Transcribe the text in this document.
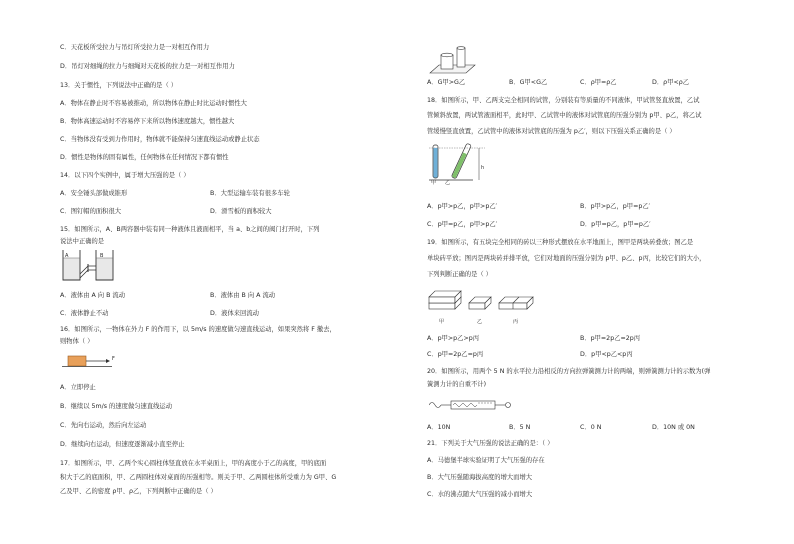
C．天花板所受拉力与吊灯所受拉力是一对相互作用力
D．吊灯对细绳的拉力与细绳对天花板的拉力是一对相互作用力
13．关于惯性，下列说法中正确的是（ ）
A．物体在静止时不容易被推动，所以物体在静止时比运动时惯性大
B．物体高速运动时不容易停下来所以物体速度越大，惯性越大
C．当物体没有受到力作用时，物体就不能保持匀速直线运动或静止状态
D．惯性是物体的固有属性，任何物体在任何情况下都有惯性
14．以下四个实例中，属于增大压强的是（ ）
A．安全锤头部做成锥形	B．大型运输车装有很多车轮
C．图钉帽的面积很大	D．滑雪板的面积较大
15．如图所示，A、B两容器中装有同一种液体且液面相平，当 a、b之间的阀门打开时，下列
说法中正确的是
A	B
A．液体由 A 向 B 流动	B．液体由 B 向 A 流动
C．液体静止不动	D．液体来回流动
16．如图所示，一物体在外力 F 的作用下，以 5m/s 的速度做匀速直线运动，如果突然将 F 撤去，
则物体（ ）
F
A．立即停止
B．继续以 5m/s 的速度做匀速直线运动
C．先向右运动，然后向左运动
D．继续向右运动，但速度逐渐减小直至停止
17．如图所示，甲、乙两个实心圆柱体竖直放在水平桌面上，甲的高度小于乙的高度，甲的底面
积大于乙的底面积，甲、乙两圆柱体对桌面的压强相等。则关于甲、乙两圆柱体所受重力为 G甲、G
乙及甲、乙的密度 ρ甲、ρ乙，下列判断中正确的是（ ）
A．G甲>G乙	B．G甲<G乙	C．ρ甲=ρ乙	D．ρ甲<ρ乙
18．如图所示，甲、乙两支完全相同的试管，分别装有等质量的不同液体，甲试管竖直放置，乙试
管倾斜放置，两试管液面相平，此时甲、乙试管中的液体对试管底的压强分别为 p甲、p乙，将乙试
管缓慢竖直放置，乙试管中的液体对试管底的压强为 p乙′，则以下压强关系正确的是（ ）
甲 乙
h
A．p甲>p乙，p甲>p乙′	B．p甲>p乙，p甲=p乙′
C．p甲=p乙，p甲>p乙′	D．p甲=p乙，p甲=p乙′
19．如图所示，有五块完全相同的砖以三种形式摆放在水平地面上，图甲是两块砖叠放；图乙是
单块砖平放；图丙是两块砖并排平放，它们对地面的压强分别为 p甲、p乙、p丙，比较它们的大小，
下列判断正确的是（ ）
甲	乙	丙
A．p甲>p乙>p丙	B．p甲=2p乙=2p丙
C．p甲=2p乙=p丙	D．p甲<p乙<p丙
20．如图所示，用两个 5 N 的水平拉力沿相反的方向拉弹簧测力计的两端，则弹簧测力计的示数为(弹
簧测力计的自重不计)
A．10N	B．5 N	C．0 N	D．10N 或 0N
21．下列关于大气压强的说法正确的是：（ ）
A．马德堡半球实验证明了大气压强的存在
B．大气压强随海拔高度的增大而增大
C．水的沸点随大气压强的减小而增大
